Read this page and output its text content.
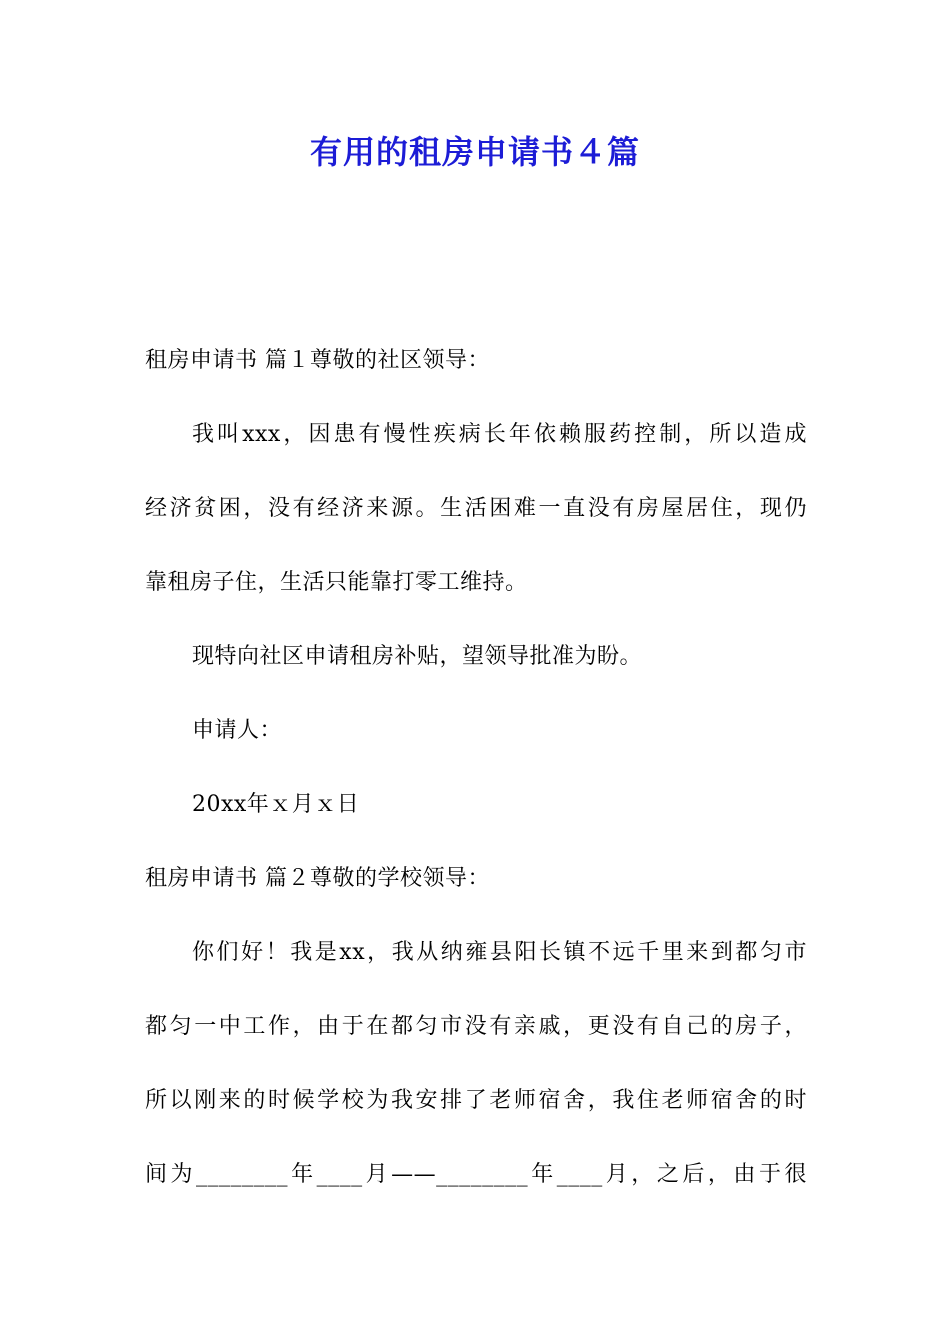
有用的租房申请书４篇
租房申请书 篇１尊敬的社区领导：
我叫xxx，因患有慢性疾病长年依赖服药控制，所以造成
经济贫困，没有经济来源。生活困难一直没有房屋居住，现仍
靠租房子住，生活只能靠打零工维持。
现特向社区申请租房补贴，望领导批准为盼。
申请人：
20xx年ｘ月ｘ日
租房申请书 篇２尊敬的学校领导：
你们好！我是xx，我从纳雍县阳长镇不远千里来到都匀市
都匀一中工作，由于在都匀市没有亲戚，更没有自己的房子，
所以刚来的时候学校为我安排了老师宿舍，我住老师宿舍的时
间为________年____月——________年____月，之后，由于很
